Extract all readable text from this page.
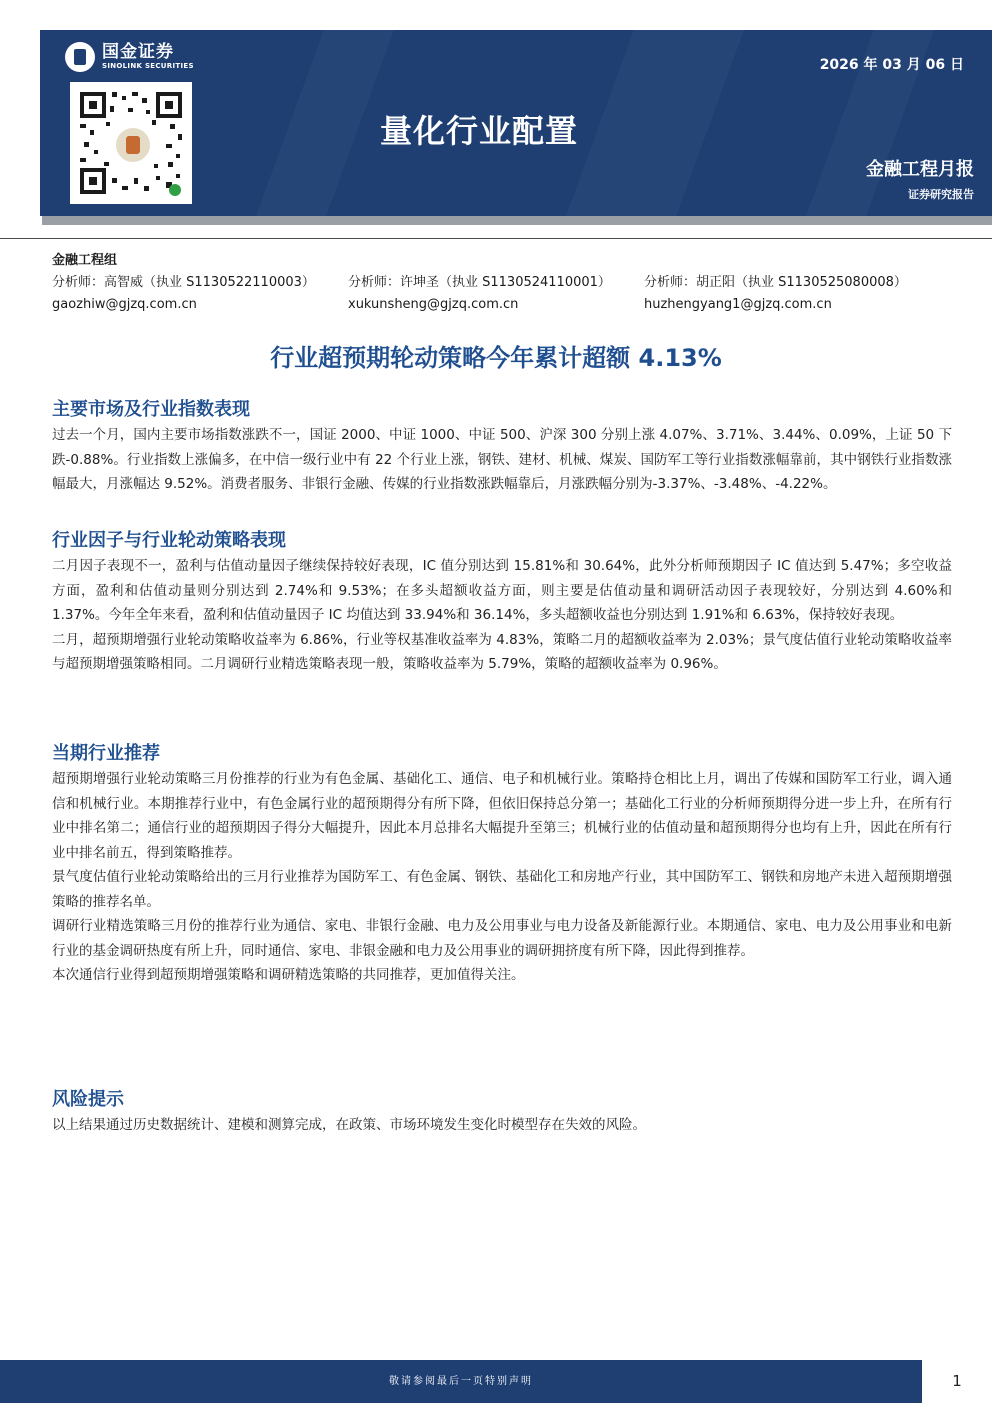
国金证券
SINOLINK SECURITIES	2026 年 03 月 06 日
量化行业配置
金融工程月报
证券研究报告
金融工程组
分析师：高智威（执业 S1130522110003）
gaozhiw@gjzq.com.cn
分析师：许坤圣（执业 S1130524110001）
xukunsheng@gjzq.com.cn
分析师：胡正阳（执业 S1130525080008）
huzhengyang1@gjzq.com.cn
行业超预期轮动策略今年累计超额 4.13%
主要市场及行业指数表现

过去一个月，国内主要市场指数涨跌不一，国证 2000、中证 1000、中证 500、沪深 300 分别上涨 4.07%、3.71%、3.44%、0.09%，上证 50 下跌-0.88%。行业指数上涨偏多，在中信一级行业中有 22 个行业上涨，钢铁、建材、机械、煤炭、国防军工等行业指数涨幅靠前，其中钢铁行业指数涨幅最大，月涨幅达 9.52%。消费者服务、非银行金融、传媒的行业指数涨跌幅靠后，月涨跌幅分别为-3.37%、-3.48%、-4.22%。

行业因子与行业轮动策略表现

二月因子表现不一，盈利与估值动量因子继续保持较好表现，IC 值分别达到 15.81%和 30.64%，此外分析师预期因子 IC 值达到 5.47%；多空收益方面，盈利和估值动量则分别达到 2.74%和 9.53%；在多头超额收益方面，则主要是估值动量和调研活动因子表现较好，分别达到 4.60%和 1.37%。今年全年来看，盈利和估值动量因子 IC 均值达到 33.94%和 36.14%，多头超额收益也分别达到 1.91%和 6.63%，保持较好表现。

二月，超预期增强行业轮动策略收益率为 6.86%，行业等权基准收益率为 4.83%，策略二月的超额收益率为 2.03%；景气度估值行业轮动策略收益率与超预期增强策略相同。二月调研行业精选策略表现一般，策略收益率为 5.79%，策略的超额收益率为 0.96%。

当期行业推荐

超预期增强行业轮动策略三月份推荐的行业为有色金属、基础化工、通信、电子和机械行业。策略持仓相比上月，调出了传媒和国防军工行业，调入通信和机械行业。本期推荐行业中，有色金属行业的超预期得分有所下降，但依旧保持总分第一；基础化工行业的分析师预期得分进一步上升，在所有行业中排名第二；通信行业的超预期因子得分大幅提升，因此本月总排名大幅提升至第三；机械行业的估值动量和超预期得分也均有上升，因此在所有行业中排名前五，得到策略推荐。

景气度估值行业轮动策略给出的三月行业推荐为国防军工、有色金属、钢铁、基础化工和房地产行业，其中国防军工、钢铁和房地产未进入超预期增强策略的推荐名单。

调研行业精选策略三月份的推荐行业为通信、家电、非银行金融、电力及公用事业与电力设备及新能源行业。本期通信、家电、电力及公用事业和电新行业的基金调研热度有所上升，同时通信、家电、非银金融和电力及公用事业的调研拥挤度有所下降，因此得到推荐。

本次通信行业得到超预期增强策略和调研精选策略的共同推荐，更加值得关注。

风险提示

以上结果通过历史数据统计、建模和测算完成，在政策、市场环境发生变化时模型存在失效的风险。

敬请参阅最后一页特别声明	1
